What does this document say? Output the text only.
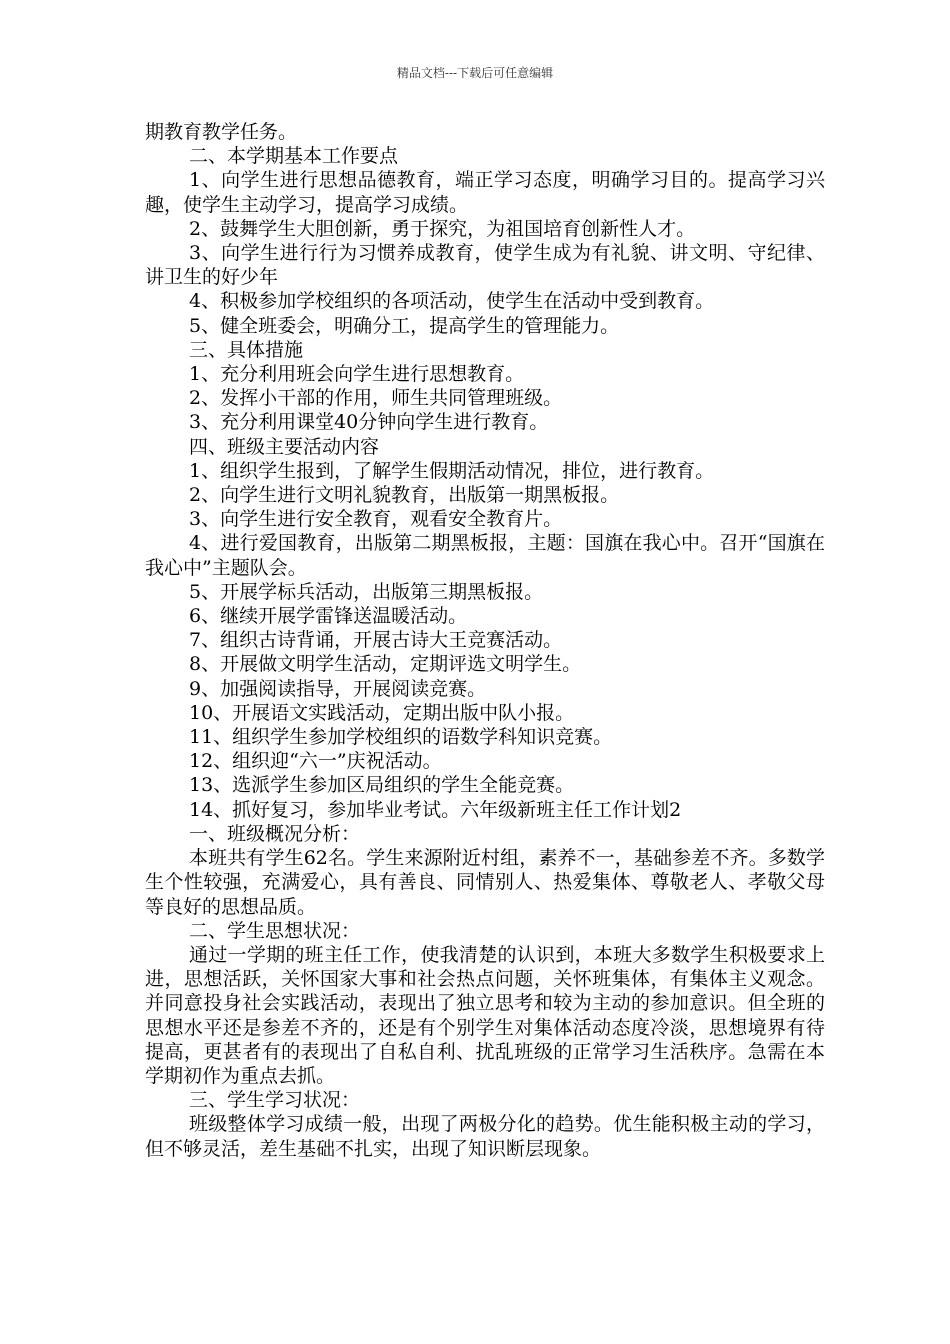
精品文档---下载后可任意编辑

期教育教学任务。

二、本学期基本工作要点

1、向学生进行思想品德教育，端正学习态度，明确学习目的。提高学习兴趣，使学生主动学习，提高学习成绩。

2、鼓舞学生大胆创新，勇于探究，为祖国培育创新性人才。

3、向学生进行行为习惯养成教育，使学生成为有礼貌、讲文明、守纪律、讲卫生的好少年

4、积极参加学校组织的各项活动，使学生在活动中受到教育。

5、健全班委会，明确分工，提高学生的管理能力。

三、具体措施

1、充分利用班会向学生进行思想教育。

2、发挥小干部的作用，师生共同管理班级。

3、充分利用课堂40分钟向学生进行教育。

四、班级主要活动内容

1、组织学生报到，了解学生假期活动情况，排位，进行教育。

2、向学生进行文明礼貌教育，出版第一期黑板报。

3、向学生进行安全教育，观看安全教育片。

4、进行爱国教育，出版第二期黑板报，主题：国旗在我心中。召开“国旗在我心中”主题队会。

5、开展学标兵活动，出版第三期黑板报。

6、继续开展学雷锋送温暖活动。

7、组织古诗背诵，开展古诗大王竞赛活动。

8、开展做文明学生活动，定期评选文明学生。

9、加强阅读指导，开展阅读竞赛。

10、开展语文实践活动，定期出版中队小报。

11、组织学生参加学校组织的语数学科知识竞赛。

12、组织迎“六一”庆祝活动。

13、选派学生参加区局组织的学生全能竞赛。

14、抓好复习，参加毕业考试。六年级新班主任工作计划2

一、班级概况分析：

本班共有学生62名。学生来源附近村组，素养不一，基础参差不齐。多数学生个性较强，充满爱心，具有善良、同情别人、热爱集体、尊敬老人、孝敬父母等良好的思想品质。

二、学生思想状况：

通过一学期的班主任工作，使我清楚的认识到，本班大多数学生积极要求上进，思想活跃，关怀国家大事和社会热点问题，关怀班集体，有集体主义观念。并同意投身社会实践活动，表现出了独立思考和较为主动的参加意识。但全班的思想水平还是参差不齐的，还是有个别学生对集体活动态度冷淡，思想境界有待提高，更甚者有的表现出了自私自利、扰乱班级的正常学习生活秩序。急需在本学期初作为重点去抓。

三、学生学习状况：

班级整体学习成绩一般，出现了两极分化的趋势。优生能积极主动的学习，但不够灵活，差生基础不扎实，出现了知识断层现象。
